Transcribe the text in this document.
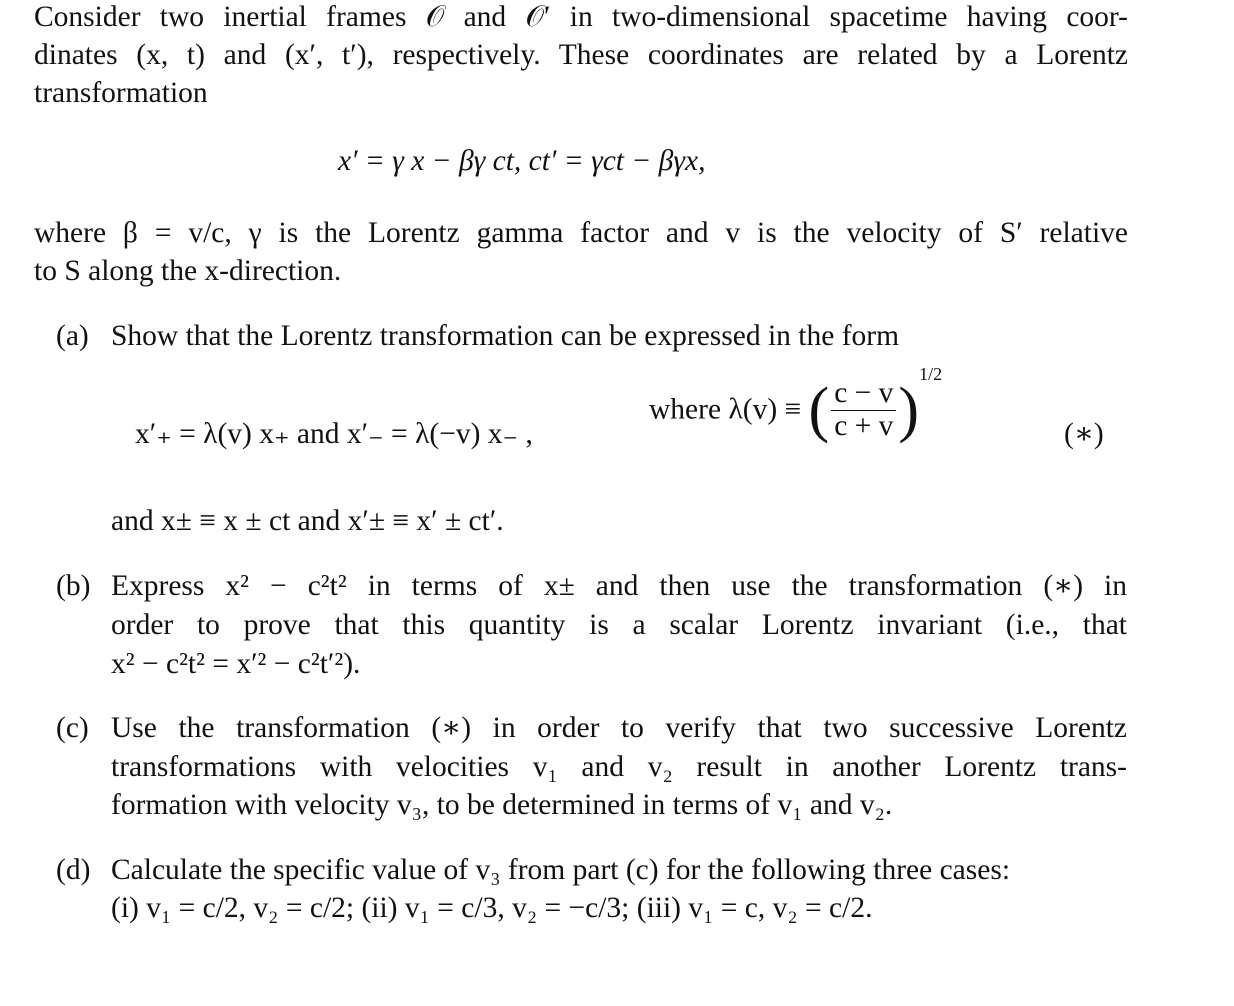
Consider two inertial frames 𝒪 and 𝒪′ in two-dimensional spacetime having coor-
dinates (x, t) and (x′, t′), respectively. These coordinates are related by a Lorentz
transformation
x′ = γ x − βγ ct, ct′ = γct − βγx,
where β = v/c, γ is the Lorentz gamma factor and v is the velocity of S′ relative
to S along the x-direction.
(a) Show that the Lorentz transformation can be expressed in the form
x′₊ = λ(v) x₊ and x′₋ = λ(−v) x₋ ,
where λ(v) ≡ ( $\frac{c - v}{c + v} )^{1/2}$
(∗)
and x± ≡ x ± ct and x′± ≡ x′ ± ct′.
(b) Express x² − c²t² in terms of x± and then use the transformation (∗) in
order to prove that this quantity is a scalar Lorentz invariant (i.e., that
x² − c²t² = x′² − c²t′²).
(c) Use the transformation (∗) in order to verify that two successive Lorentz
transformations with velocities v₁ and v₂ result in another Lorentz trans-
formation with velocity v₃, to be determined in terms of v₁ and v₂.
(d) Calculate the specific value of v₃ from part (c) for the following three cases:
(i) v₁ = c/2, v₂ = c/2; (ii) v₁ = c/3, v₂ = −c/3; (iii) v₁ = c, v₂ = c/2.
